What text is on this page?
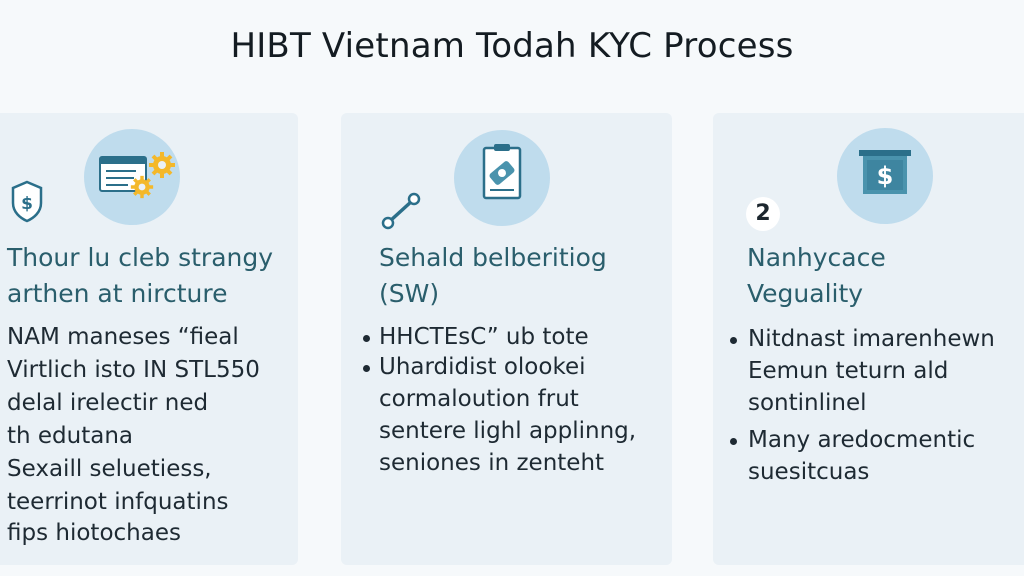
HIBT Vietnam Todah KYC Process
$
Thour lu cleb strangy
arthen at nircture
NAM maneses “fieal
Virtlich isto IN STL550
delal irelectir ned
th edutana
Sexaill seluetiess,
teerrinot infquatins
fips hiotochaes
Sehald belberitiog
(SW)
HHCTEsC” ub tote
Uhardidist olookei
cormaloution frut
sentere lighl applinng,
seniones in zenteht
$
2
Nanhycace
Veguality
Nitdnast imarenhewn
Eemun teturn ald
sontinlinel
Many aredocmentic
suesitcuas
